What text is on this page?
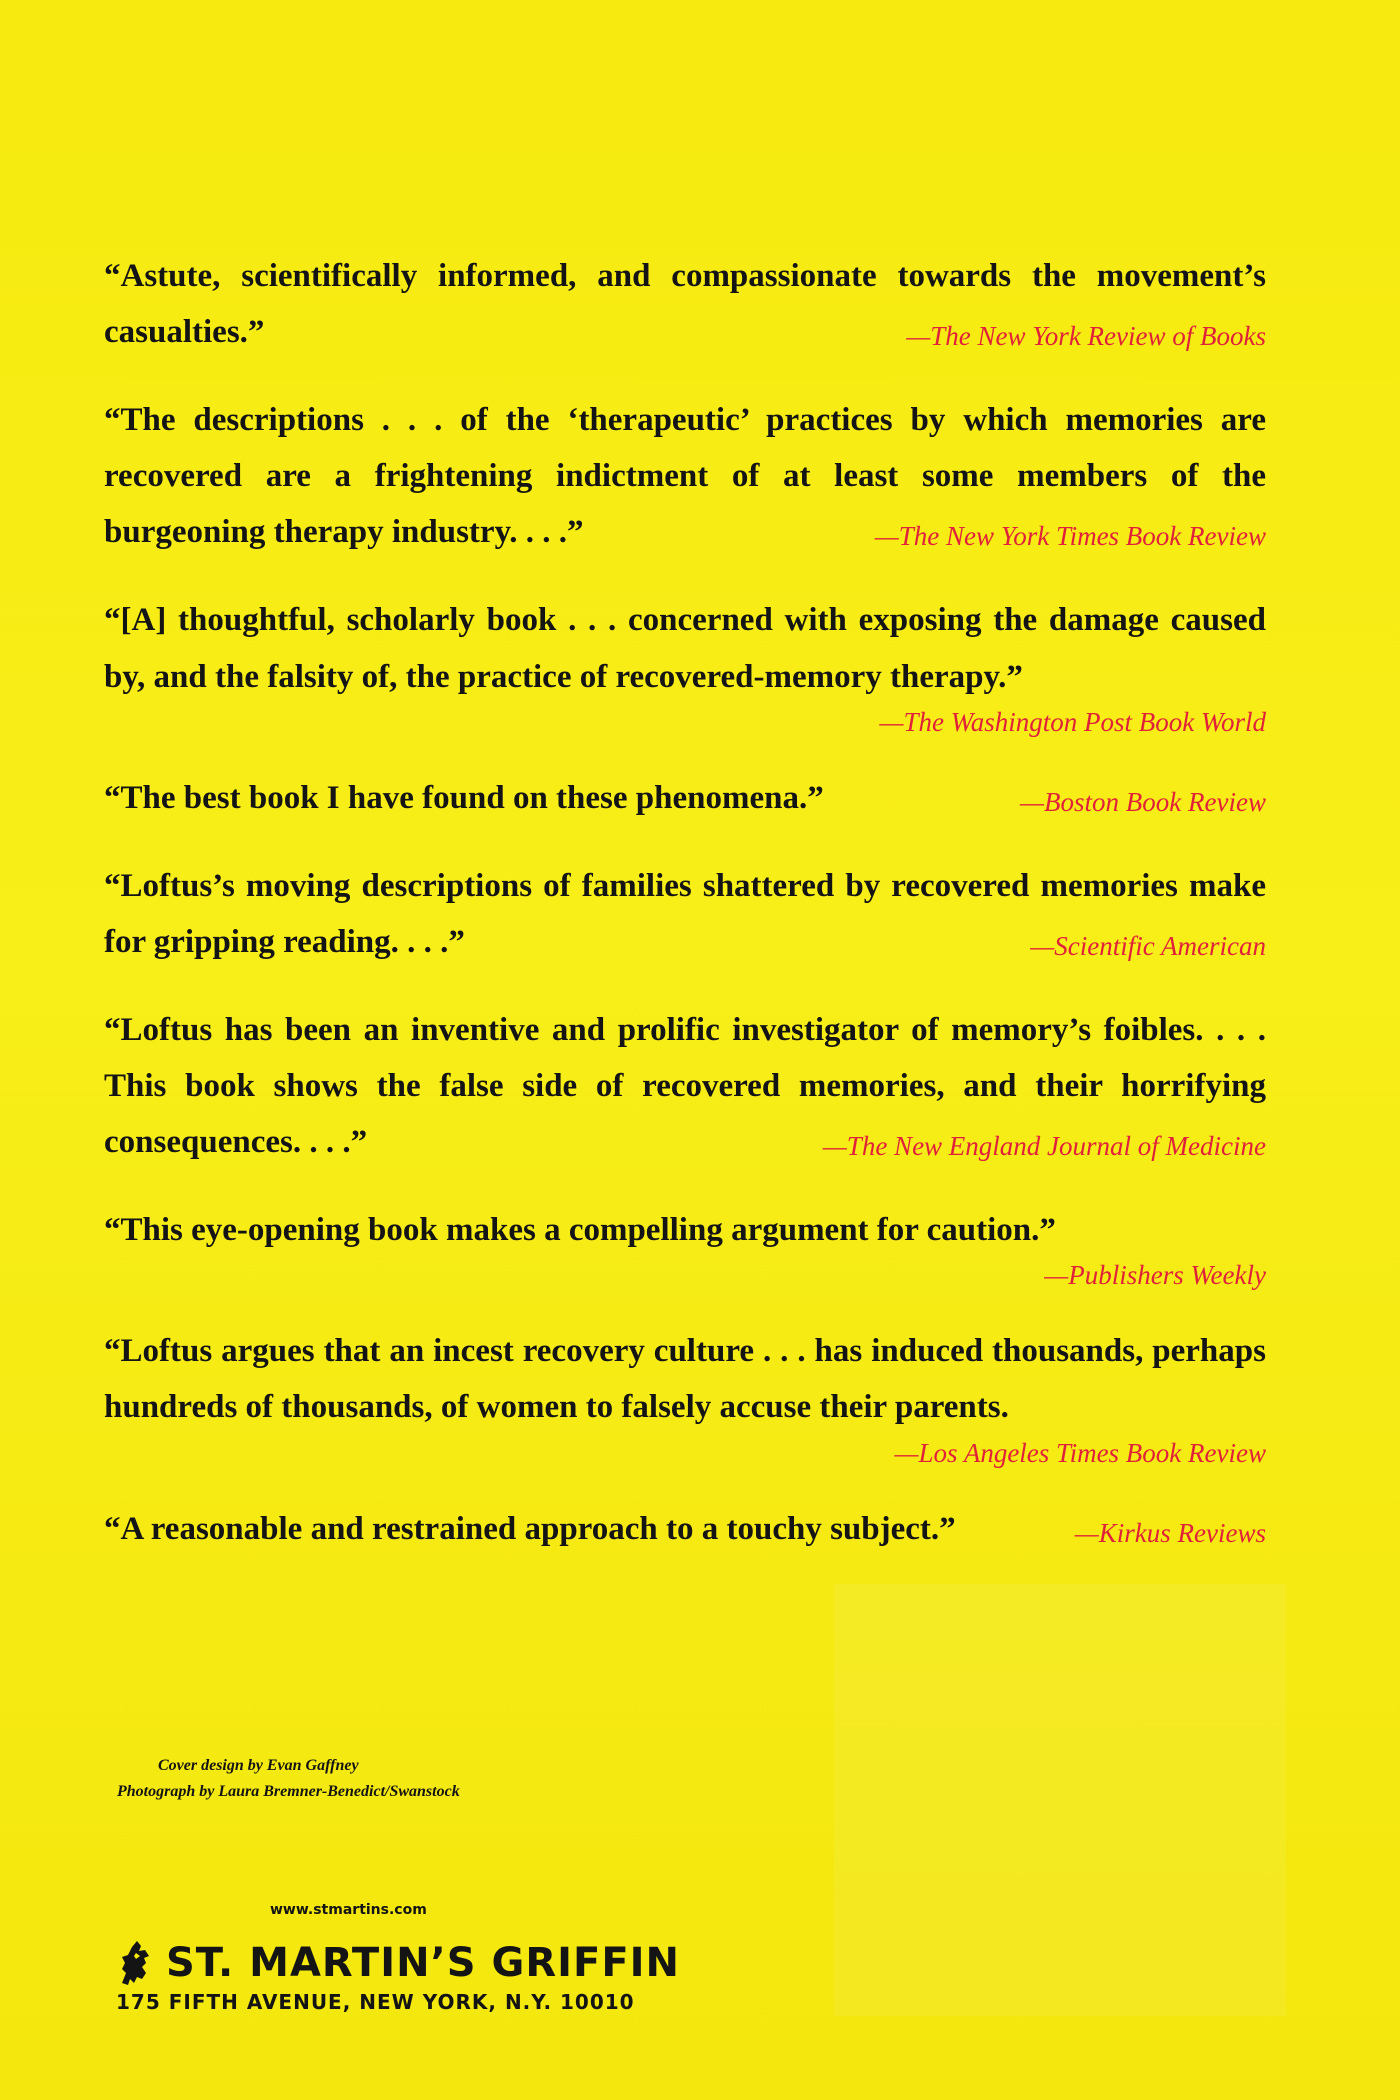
“Astute, scientifically informed, and compassionate towards the movement’s casualties.”	—The New York Review of Books
“The descriptions . . . of the ‘therapeutic’ practices by which memories are recovered are a frightening indictment of at least some members of the burgeoning therapy industry. . . .”	—The New York Times Book Review
“[A] thoughtful, scholarly book . . . concerned with exposing the damage caused by, and the falsity of, the practice of recovered-memory therapy.”
—The Washington Post Book World
“The best book I have found on these phenomena.”	—Boston Book Review
“Loftus’s moving descriptions of families shattered by recovered memories make for gripping reading. . . .”	—Scientific American
“Loftus has been an inventive and prolific investigator of memory’s foibles. . . . This book shows the false side of recovered memories, and their horrifying consequences. . . .”	—The New England Journal of Medicine
“This eye-opening book makes a compelling argument for caution.”
—Publishers Weekly
“Loftus argues that an incest recovery culture . . . has induced thousands, perhaps hundreds of thousands, of women to falsely accuse their parents.
—Los Angeles Times Book Review
“A reasonable and restrained approach to a touchy subject.”	—Kirkus Reviews
Cover design by Evan Gaffney
Photograph by Laura Bremner-Benedict/Swanstock
www.stmartins.com
ST. MARTIN’S GRIFFIN
175 FIFTH AVENUE, NEW YORK, N.Y. 10010
